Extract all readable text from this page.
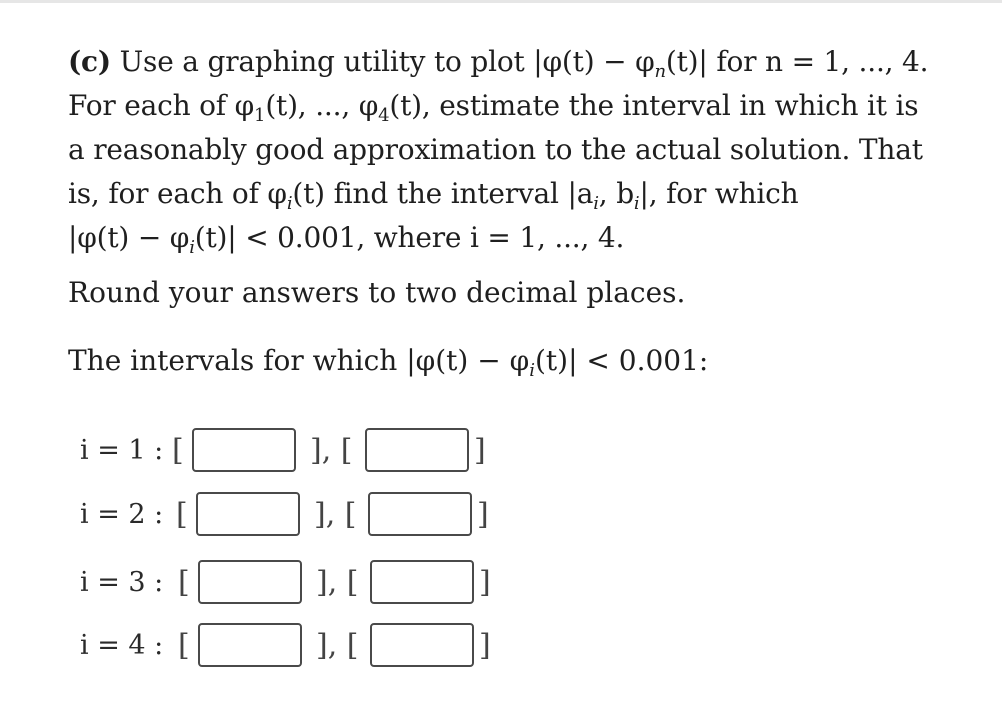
(c) Use a graphing utility to plot $|\varphi(t) - \varphi_n(t)|$ for n = 1, ..., 4.
For each of $\varphi_1(t)$, ..., $\varphi_4(t)$, estimate the interval in which it is
a reasonably good approximation to the actual solution. That
is, for each of $\varphi_i(t)$ find the interval $|a_i$, $b_i|$, for which
$|\varphi(t) - \varphi_i(t)| < 0.001$, where i = 1, ..., 4.
Round your answers to two decimal places.
The intervals for which $|\varphi(t) - \varphi_i(t)| < 0.001$:
i = 1 : [	], [	]
i = 2 : [	], [	]
i = 3 : [	], [	]
i = 4 : [	], [	]
